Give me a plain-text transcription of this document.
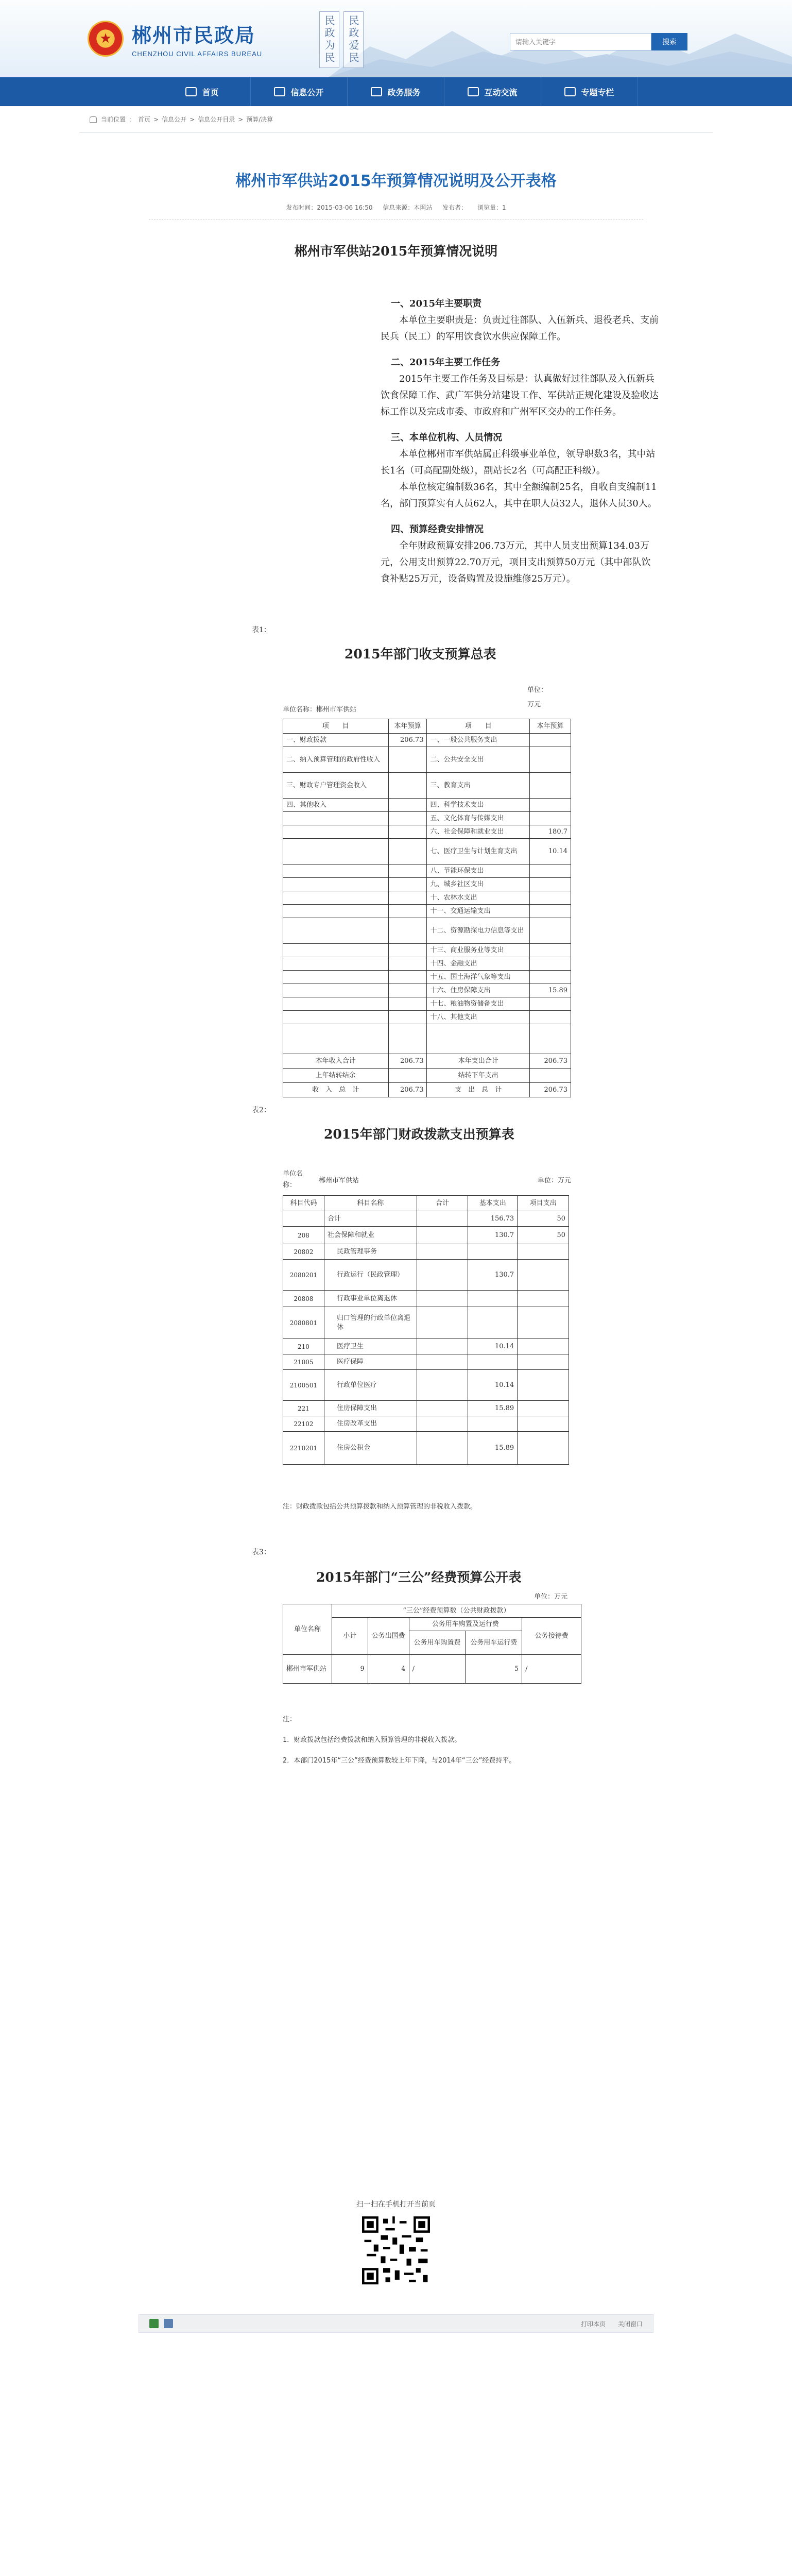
★ 郴州市民政局
CHENZHOU CIVIL AFFAIRS BUREAU	民政为民	民政爱民
请输入关键字	搜索
首页	信息公开	政务服务	互动交流	专题专栏
当前位置 ： 首页 > 信息公开 > 信息公开目录 > 预算/决算
郴州市军供站2015年预算情况说明及公开表格
发布时间：2015-03-06 16:50 信息来源：本网站 发布者： 浏览量：1
郴州市军供站2015年预算情况说明
一、2015年主要职责
本单位主要职责是：负责过往部队、入伍新兵、退役老兵、支前民兵（民工）的军用饮食饮水供应保障工作。
二、2015年主要工作任务
2015年主要工作任务及目标是：认真做好过往部队及入伍新兵饮食保障工作、武广军供分站建设工作、军供站正规化建设及验收达标工作以及完成市委、市政府和广州军区交办的工作任务。
三、本单位机构、人员情况
本单位郴州市军供站属正科级事业单位，领导职数3名，其中站长1名（可高配副处级），副站长2名（可高配正科级）。
本单位核定编制数36名，其中全额编制25名，自收自支编制11名，部门预算实有人员62人，其中在职人员32人，退休人员30人。
四、预算经费安排情况
全年财政预算安排206.73万元，其中人员支出预算134.03万元，公用支出预算22.70万元，项目支出预算50万元（其中部队饮食补贴25万元，设备购置及设施维修25万元）。
表1：
2015年部门收支预算总表
单位：万元
单位名称：郴州市军供站
项　　目	本年预算	项　　目	本年预算
一、财政拨款	206.73	一、一般公共服务支出	
二、纳入预算管理的政府性收入		二、公共安全支出	
三、财政专户管理资金收入		三、教育支出	
四、其他收入		四、科学技术支出	
		五、文化体育与传媒支出	
		六、社会保障和就业支出	180.7
		七、医疗卫生与计划生育支出	10.14
		八、节能环保支出	
		九、城乡社区支出	
		十、农林水支出	
		十一、交通运输支出	
		十二、资源勘探电力信息等支出	
		十三、商业服务业等支出	
		十四、金融支出	
		十五、国土海洋气象等支出	
		十六、住房保障支出	15.89
		十七、粮油物资储备支出	
		十八、其他支出	

本年收入合计	206.73	本年支出合计	206.73
上年结转结余		结转下年支出	
收　入　总　计	206.73	支　出　总　计	206.73
表2：
2015年部门财政拨款支出预算表
单位名称：
郴州市军供站	单位：万元
科目代码	科目名称	合计	基本支出	项目支出
	合计		156.73	50
208	社会保障和就业		130.7	50
20802	民政管理事务			
2080201	行政运行（民政管理）		130.7	
20808	行政事业单位离退休			
2080801	归口管理的行政单位离退休			
210	医疗卫生		10.14	
21005	医疗保障			
2100501	行政单位医疗		10.14	
221	住房保障支出		15.89	
22102	住房改革支出			
2210201	住房公积金		15.89	
注：财政拨款包括公共预算拨款和纳入预算管理的非税收入拨款。
表3：
2015年部门“三公”经费预算公开表
单位：万元
单位名称	“三公”经费预算数（公共财政拨款）				
	小计	公务出国费	公务用车购置及运行费		公务接待费
			公务用车购置费	公务用车运行费	
郴州市军供站	9	4	/	5	/
注：
1．财政拨款包括经费拨款和纳入预算管理的非税收入拨款。
2．本部门2015年“三公”经费预算数较上年下降，与2014年“三公”经费持平。
扫一扫在手机打开当前页
打印本页 关闭窗口
